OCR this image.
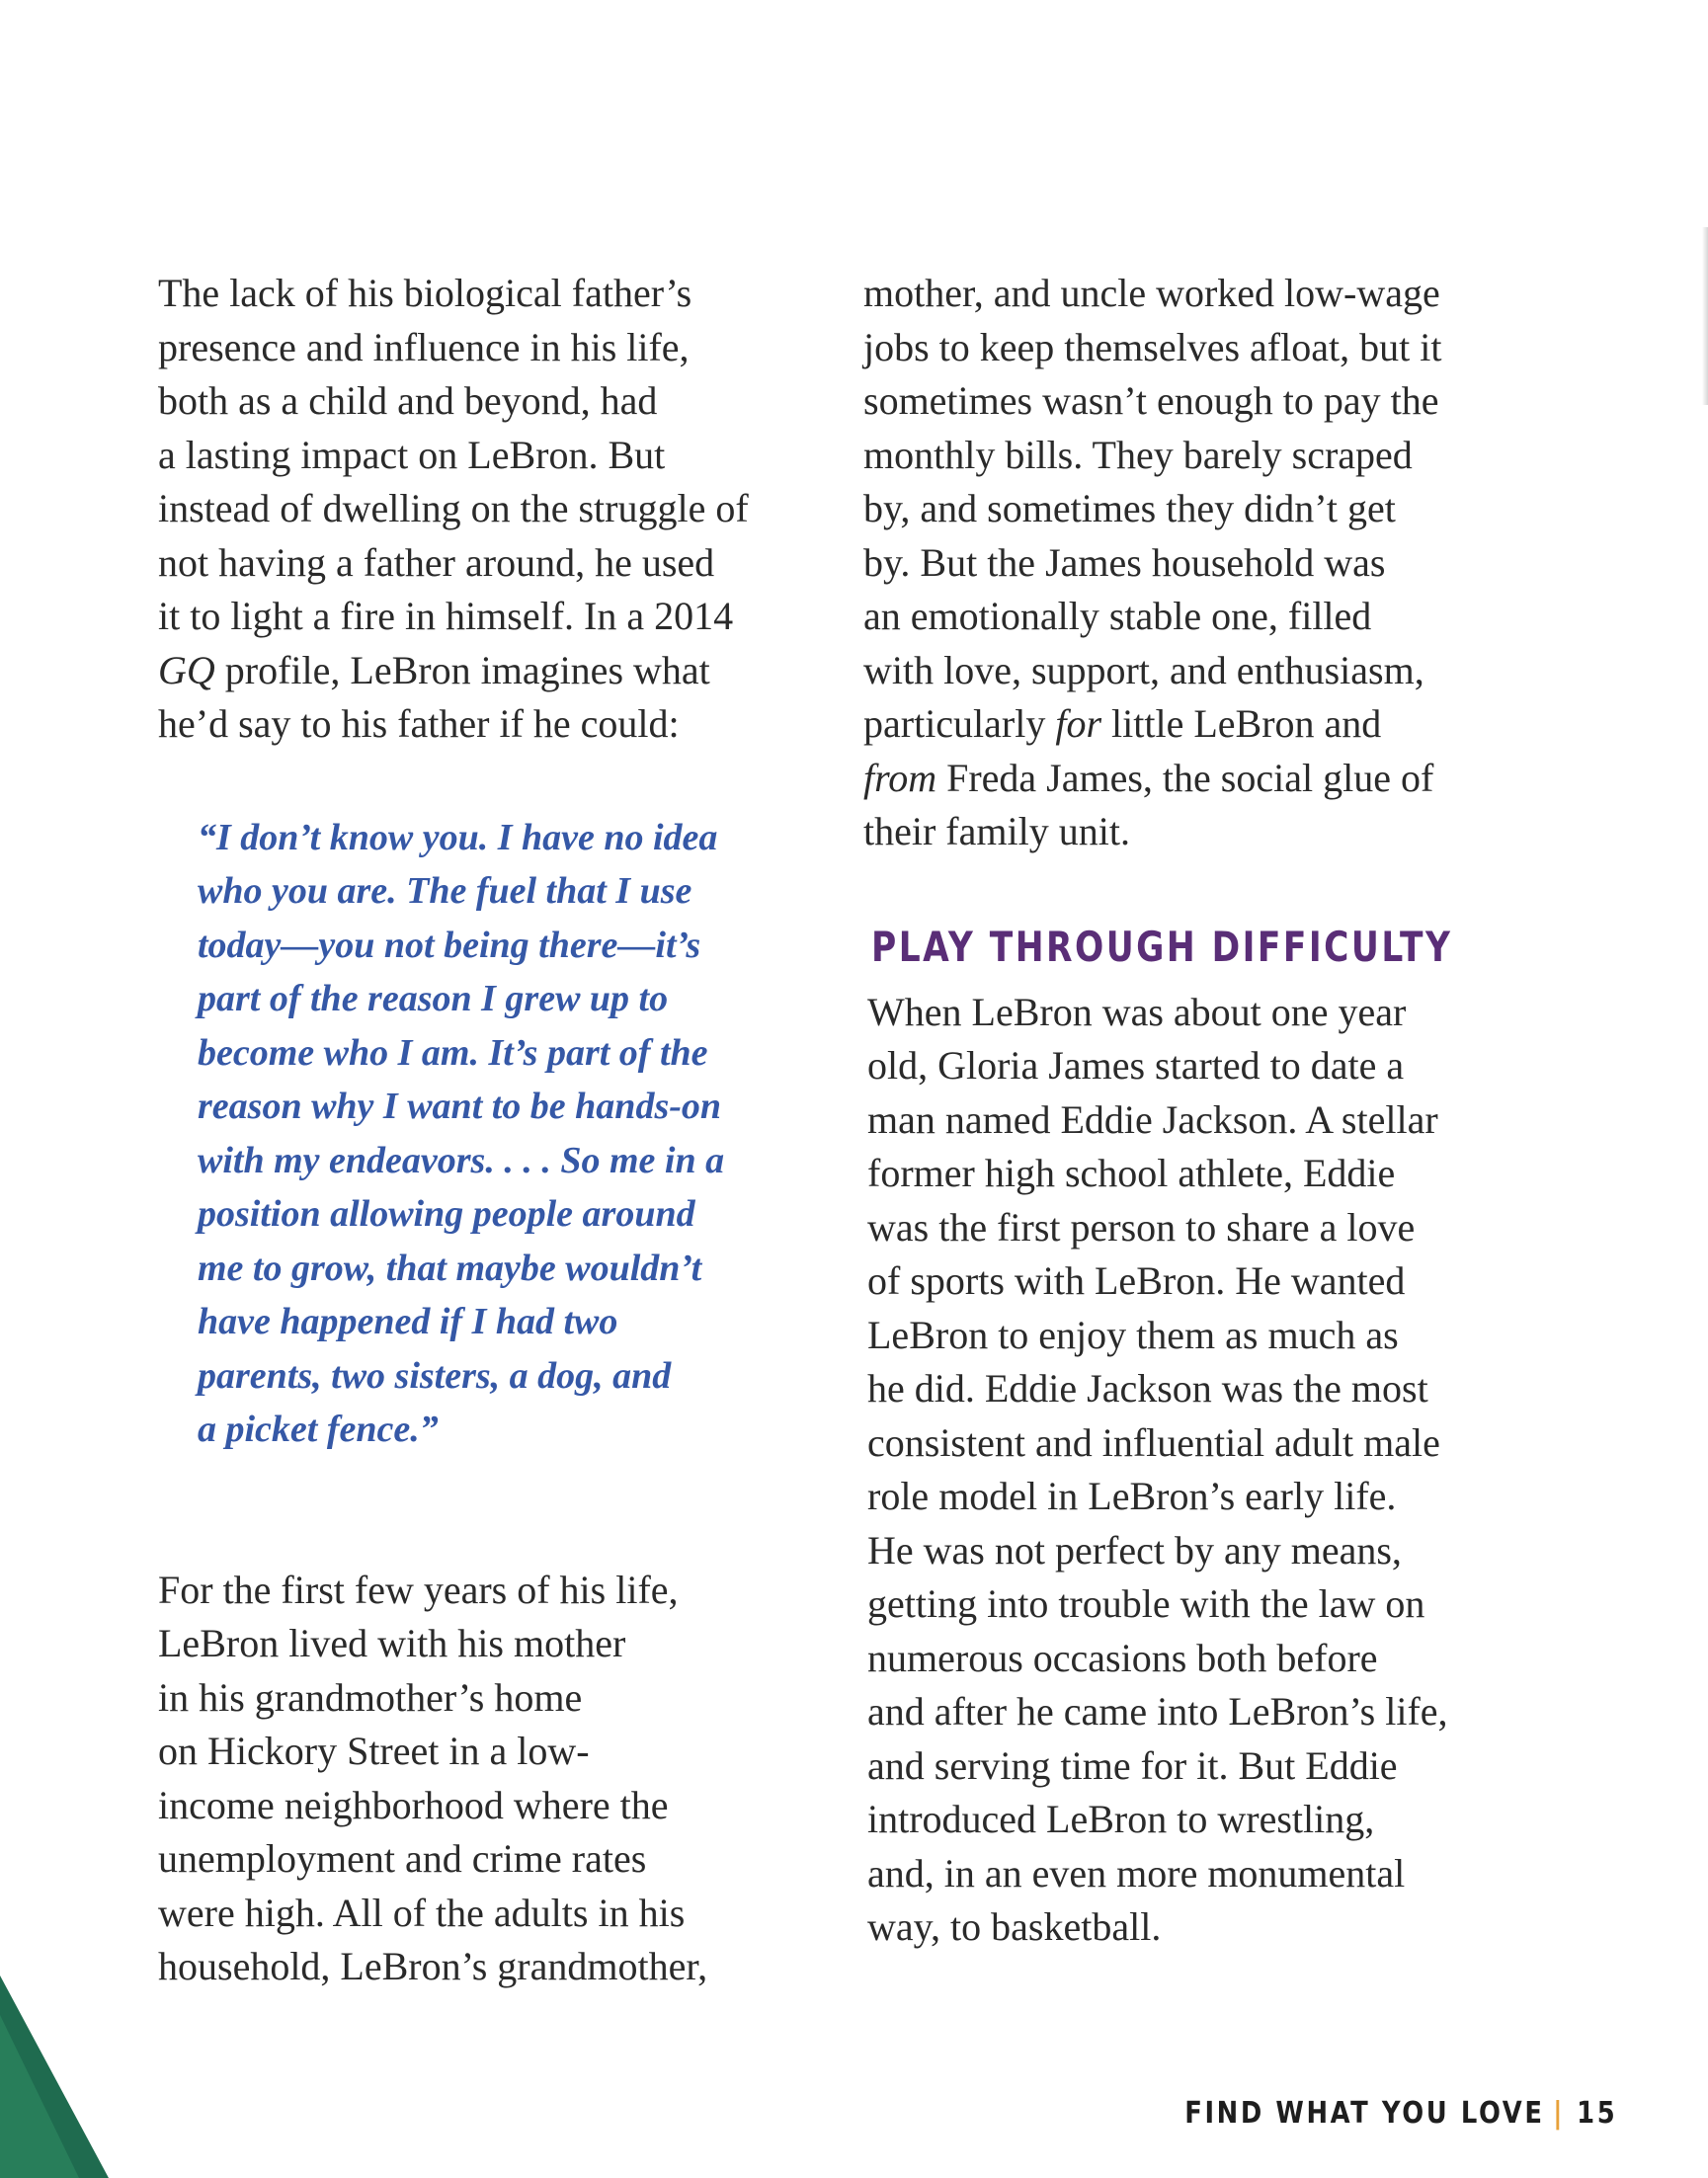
The lack of his biological father’s
presence and influence in his life,
both as a child and beyond, had
a lasting impact on LeBron. But
instead of dwelling on the struggle of
not having a father around, he used
it to light a fire in himself. In a 2014
GQ profile, LeBron imagines what
he’d say to his father if he could:

“I don’t know you. I have no idea
who you are. The fuel that I use
today—you not being there—it’s
part of the reason I grew up to
become who I am. It’s part of the
reason why I want to be hands-on
with my endeavors. . . . So me in a
position allowing people around
me to grow, that maybe wouldn’t
have happened if I had two
parents, two sisters, a dog, and
a picket fence.”

For the first few years of his life,
LeBron lived with his mother
in his grandmother’s home
on Hickory Street in a low-
income neighborhood where the
unemployment and crime rates
were high. All of the adults in his
household, LeBron’s grandmother,

mother, and uncle worked low-wage
jobs to keep themselves afloat, but it
sometimes wasn’t enough to pay the
monthly bills. They barely scraped
by, and sometimes they didn’t get
by. But the James household was
an emotionally stable one, filled
with love, support, and enthusiasm,
particularly for little LeBron and
from Freda James, the social glue of
their family unit.

PLAY THROUGH DIFFICULTY

When LeBron was about one year
old, Gloria James started to date a
man named Eddie Jackson. A stellar
former high school athlete, Eddie
was the first person to share a love
of sports with LeBron. He wanted
LeBron to enjoy them as much as
he did. Eddie Jackson was the most
consistent and influential adult male
role model in LeBron’s early life.
He was not perfect by any means,
getting into trouble with the law on
numerous occasions both before
and after he came into LeBron’s life,
and serving time for it. But Eddie
introduced LeBron to wrestling,
and, in an even more monumental
way, to basketball.

FIND WHAT YOU LOVE | 15
